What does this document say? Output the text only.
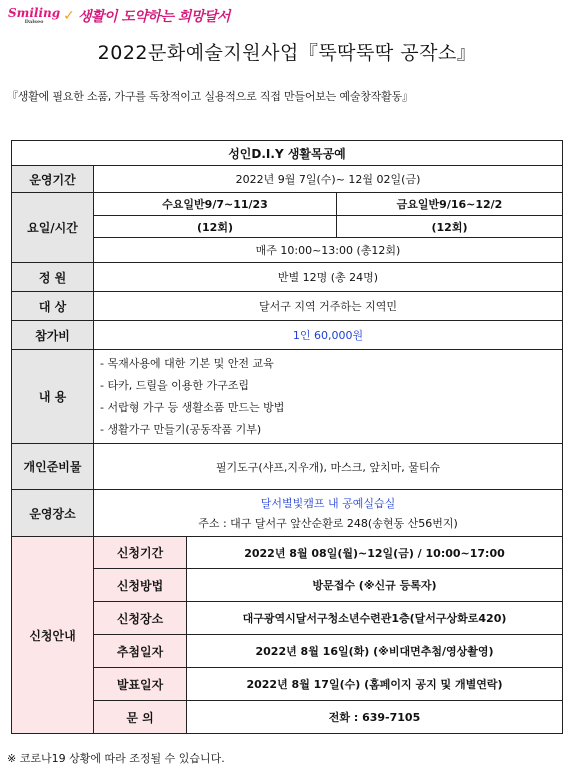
Smiling
Dalseo	✓ 생활이 도약하는 희망달서
2022문화예술지원사업『뚝딱뚝딱 공작소』
『생활에 필요한 소품, 가구를 독창적이고 실용적으로 직접 만들어보는 예술창작활동』
성인D.I.Y 생활목공예			
운영기간	2022년 9월 7일(수)~ 12월 02일(금)		
요일/시간	수요일반9/7~11/23		금요일반9/16~12/2
	(12회)		(12회)
	매주 10:00~13:00 (총12회)		
정 원	반별 12명 (총 24명)		
대 상	달서구 지역 거주하는 지역민		
참가비	1인 60,000원		
내 용	- 목재사용에 대한 기본 및 안전 교육
- 타카, 드릴을 이용한 가구조립
- 서랍형 가구 등 생활소품 만드는 방법
- 생활가구 만들기(공동작품 기부)		

개인준비물	필기도구(샤프,지우개), 마스크, 앞치마, 물티슈		
운영장소	달서별빛캠프 내 공예실습실
주소 : 대구 달서구 앞산순환로 248(송현동 산56번지)		

신청안내	신청기간	2022년 8월 08일(월)~12일(금) / 10:00~17:00	
	신청방법	방문접수 (※신규 등록자)	
	신청장소	대구광역시달서구청소년수련관1층(달서구상화로420)	
	추첨일자	2022년 8월 16일(화) (※비대면추첨/영상촬영)	
	발표일자	2022년 8월 17일(수) (홈페이지 공지 및 개별연락)	
	문 의	전화 : 639-7105	
※ 코로나19 상황에 따라 조정될 수 있습니다.
